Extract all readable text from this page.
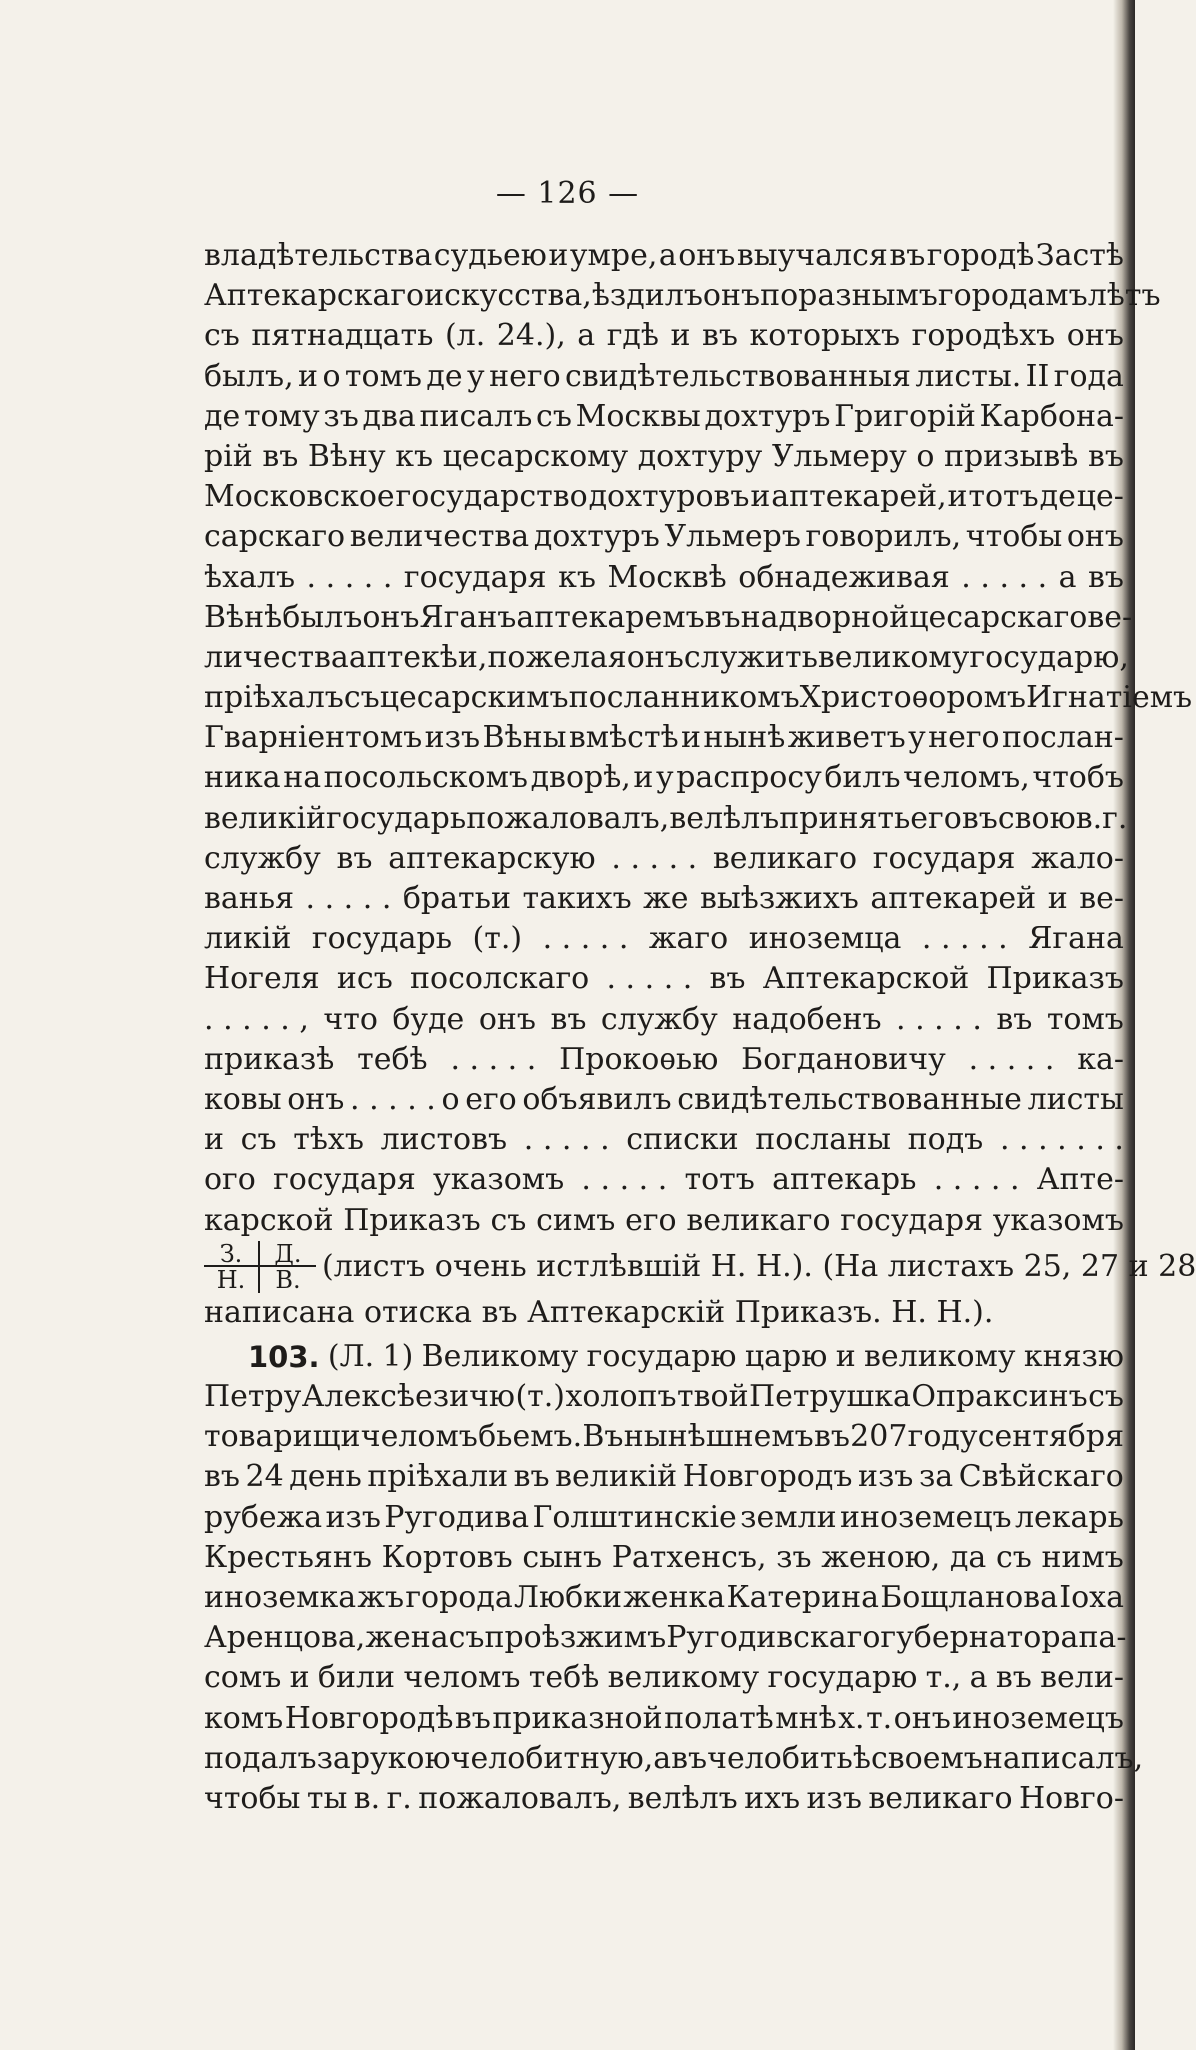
— 126 —
владѣтельства судьею и умре, а онъ выучался въ городѣ Застѣ
Аптекарскаго искусства, ѣздилъ онъ по разнымъ городамъ лѣтъ
съ пятнадцать (л. 24.), а гдѣ и въ которыхъ городѣхъ онъ
былъ, и о томъ де у него свидѣтельствованныя листы. II года
де тому зъ два писалъ съ Москвы дохтуръ Григорій Карбона-
рій въ Вѣну къ цесарскому дохтуру Ульмеру о призывѣ въ
Московское государство дохтуровъ и аптекарей, и тотъ де це-
сарскаго величества дохтуръ Ульмеръ говорилъ, чтобы онъ
ѣхалъ . . . . . государя къ Москвѣ обнадеживая . . . . . а въ
Вѣнѣ былъ онъ Яганъ аптекаремъ въ надворной цесарскаго ве-
личества аптекѣ и, пожелая онъ служить великому государю,
пріѣхалъ съ цесарскимъ посланникомъ Христоѳоромъ Игнатіемъ
Гварніентомъ изъ Вѣны вмѣстѣ и нынѣ живетъ у него послан-
ника на посольскомъ дворѣ, и у распросу билъ челомъ, чтобъ
великій государь пожаловалъ, велѣлъ принять его въ свою в. г.
службу въ аптекарскую . . . . . великаго государя жало-
ванья . . . . . братьи такихъ же выѣзжихъ аптекарей и ве-
ликій государь (т.) . . . . . жаго иноземца . . . . . Ягана
Ногеля исъ посолскаго . . . . . въ Аптекарской Приказъ
. . . . . , что буде онъ въ службу надобенъ . . . . . въ томъ
приказѣ тебѣ . . . . . Прокоѳью Богдановичу . . . . . ка-
ковы онъ . . . . . о его объявилъ свидѣтельствованные листы
и съ тѣхъ листовъ . . . . . списки посланы подъ . . . . . . .
ого государя указомъ . . . . . тотъ аптекарь . . . . . Апте-
карской Приказъ съ симъ его великаго государя указомъ
З.	Д.
Н.	В. (листъ очень истлѣвшій Н. Н.). (На листахъ 25, 27 и 28
написана отиска въ Аптекарскій Приказъ. Н. Н.).
103. (Л. 1) Великому государю царю и великому князю
Петру Алексѣезичю (т.) холопъ твой Петрушка Опраксинъ съ
товарищи челомъ бьемъ. Въ нынѣшнемъ въ 207 году сентября
въ 24 день пріѣхали въ великій Новгородъ изъ за Свѣйскаго
рубежа изъ Ругодива Голштинскіе земли иноземецъ лекарь
Крестьянъ Кортовъ сынъ Ратхенсъ, зъ женою, да съ нимъ
иноземка жъ города Любки женка Катерина Бощланова Іоха
Аренцова, жена съ проѣзжимъ Ругодивскаго губернатора па-
сомъ и били челомъ тебѣ великому государю т., а въ вели-
комъ Новгородѣ въ приказной полатѣ мнѣ х. т. онъ иноземецъ
подалъ за рукою челобитную, а въ челобитьѣ своемъ написалъ,
чтобы ты в. г. пожаловалъ, велѣлъ ихъ изъ великаго Новго-
